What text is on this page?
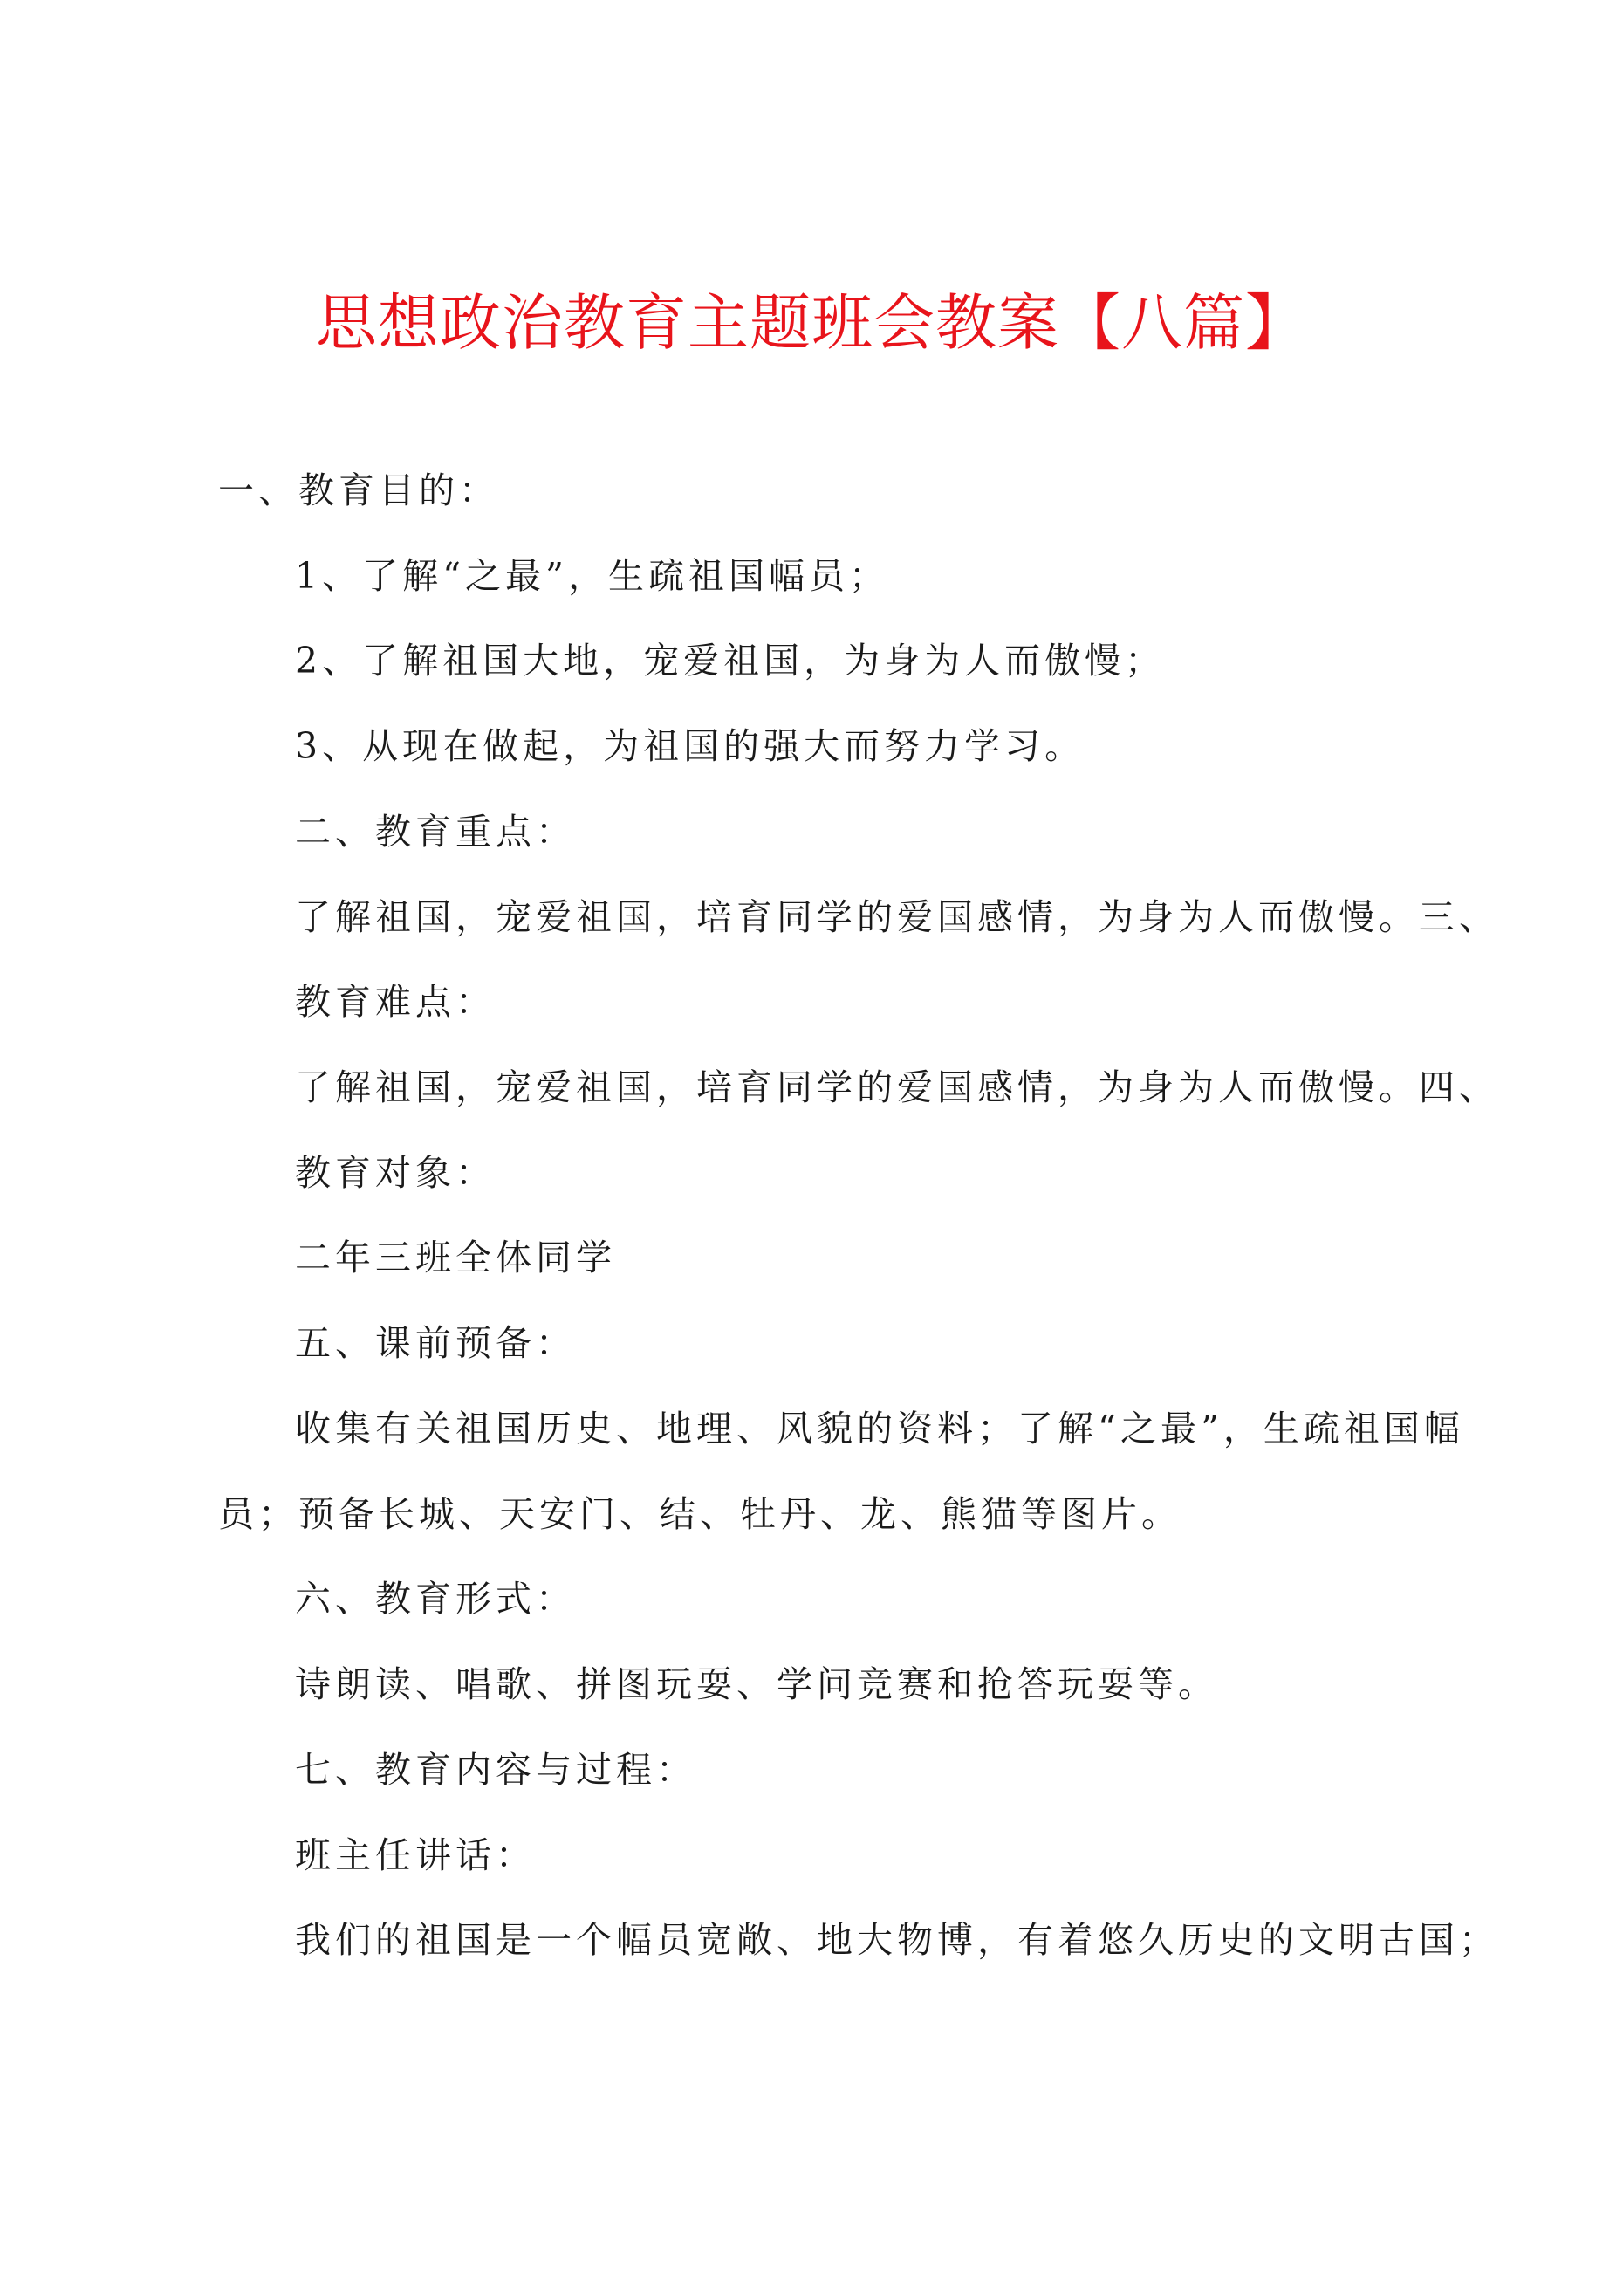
思想政治教育主题班会教案【八篇】
一、教育目的：
1、了解“之最”，生疏祖国幅员；
2、了解祖国大地，宠爱祖国，为身为人而傲慢；
3、从现在做起，为祖国的强大而努力学习。
二、教育重点：
了解祖国，宠爱祖国，培育同学的爱国感情，为身为人而傲慢。三、
教育难点：
了解祖国，宠爱祖国，培育同学的爱国感情，为身为人而傲慢。四、
教育对象：
二年三班全体同学
五、课前预备：
收集有关祖国历史、地理、风貌的资料；了解“之最”，生疏祖国幅
员；预备长城、天安门、结、牡丹、龙、熊猫等图片。
六、教育形式：
诗朗读、唱歌、拼图玩耍、学问竞赛和抢答玩耍等。
七、教育内容与过程：
班主任讲话：
我们的祖国是一个幅员宽敞、地大物博，有着悠久历史的文明古国；
